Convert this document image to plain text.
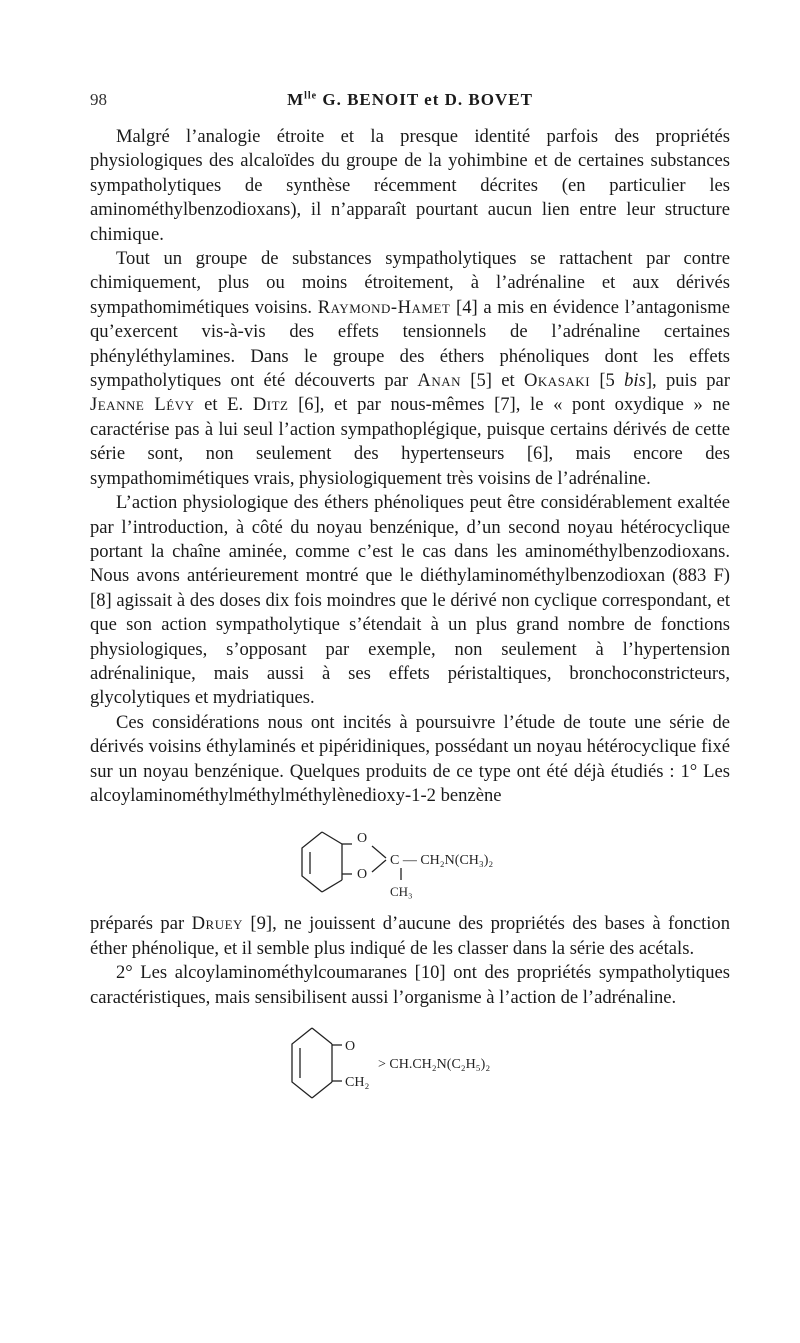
98	$M^{lle}$ G. BENOIT et D. BOVET

Malgré l’analogie étroite et la presque identité parfois des propriétés physiologiques des alcaloïdes du groupe de la yohimbine et de certaines substances sympatholytiques de synthèse récemment décrites (en particulier les aminométhylbenzodioxans), il n’apparaît pourtant aucun lien entre leur structure chimique.

Tout un groupe de substances sympatholytiques se rattachent par contre chimiquement, plus ou moins étroitement, à l’adrénaline et aux dérivés sympathomimétiques voisins. Raymond-Hamet [4] a mis en évidence l’antagonisme qu’exercent vis-à-vis des effets tensionnels de l’adrénaline certaines phényléthylamines. Dans le groupe des éthers phénoliques dont les effets sympatholytiques ont été découverts par Anan [5] et Okasaki [5 bis], puis par Jeanne Lévy et E. Ditz [6], et par nous-mêmes [7], le « pont oxydique » ne caractérise pas à lui seul l’action sympathoplégique, puisque certains dérivés de cette série sont, non seulement des hypertenseurs [6], mais encore des sympathomimétiques vrais, physiologiquement très voisins de l’adrénaline.

L’action physiologique des éthers phénoliques peut être considérablement exaltée par l’introduction, à côté du noyau benzénique, d’un second noyau hétérocyclique portant la chaîne aminée, comme c’est le cas dans les aminométhylbenzodioxans. Nous avons antérieurement montré que le diéthylaminométhylbenzodioxan (883 F) [8] agissait à des doses dix fois moindres que le dérivé non cyclique correspondant, et que son action sympatholytique s’étendait à un plus grand nombre de fonctions physiologiques, s’opposant par exemple, non seulement à l’hypertension adrénalinique, mais aussi à ses effets péristaltiques, bronchoconstricteurs, glycolytiques et mydriatiques.

Ces considérations nous ont incités à poursuivre l’étude de toute une série de dérivés voisins éthylaminés et pipéridiniques, possédant un noyau hétérocyclique fixé sur un noyau benzénique. Quelques produits de ce type ont été déjà étudiés : 1° Les alcoylaminométhylméthylméthylènedioxy-1-2 benzène

O
O
C — CH₂N(CH₃)₂
CH₃

préparés par Druey [9], ne jouissent d’aucune des propriétés des bases à fonction éther phénolique, et il semble plus indiqué de les classer dans la série des acétals.

2° Les alcoylaminométhylcoumaranes [10] ont des propriétés sympatholytiques caractéristiques, mais sensibilisent aussi l’organisme à l’action de l’adrénaline.

O
CH₂
> CH.CH₂N(C₂H₅)₂
